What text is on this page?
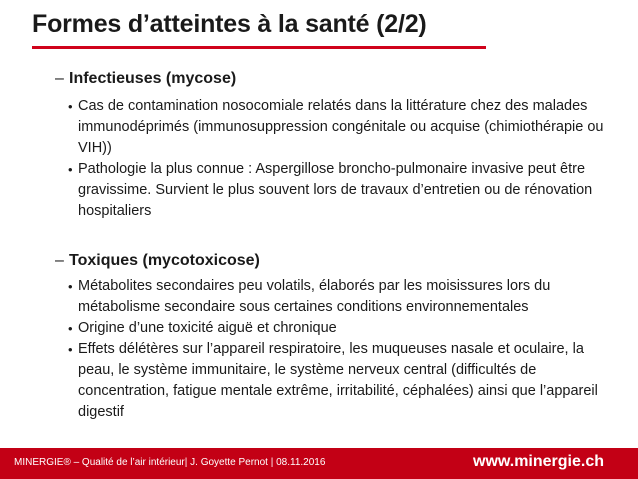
Formes d’atteintes à la santé (2/2)
– Infectieuses (mycose)
• Cas de contamination nosocomiale relatés dans la littérature chez des malades immunodéprimés (immunosuppression congénitale ou acquise (chimiothérapie ou VIH))
• Pathologie la plus connue : Aspergillose broncho-pulmonaire invasive peut être gravissime. Survient le plus souvent lors de travaux d’entretien ou de rénovation hospitaliers
– Toxiques (mycotoxicose)
• Métabolites secondaires peu volatils, élaborés par les moisissures lors du métabolisme secondaire sous certaines conditions environnementales
• Origine d’une toxicité aiguë et chronique
• Effets délétères sur l’appareil respiratoire, les muqueuses nasale et oculaire, la peau, le système immunitaire, le système nerveux central (difficultés de concentration, fatigue mentale extrême, irritabilité, céphalées) ainsi que l’appareil digestif
MINERGIE® – Qualité de l’air intérieur| J. Goyette Pernot | 08.11.2016	www.minergie.ch
